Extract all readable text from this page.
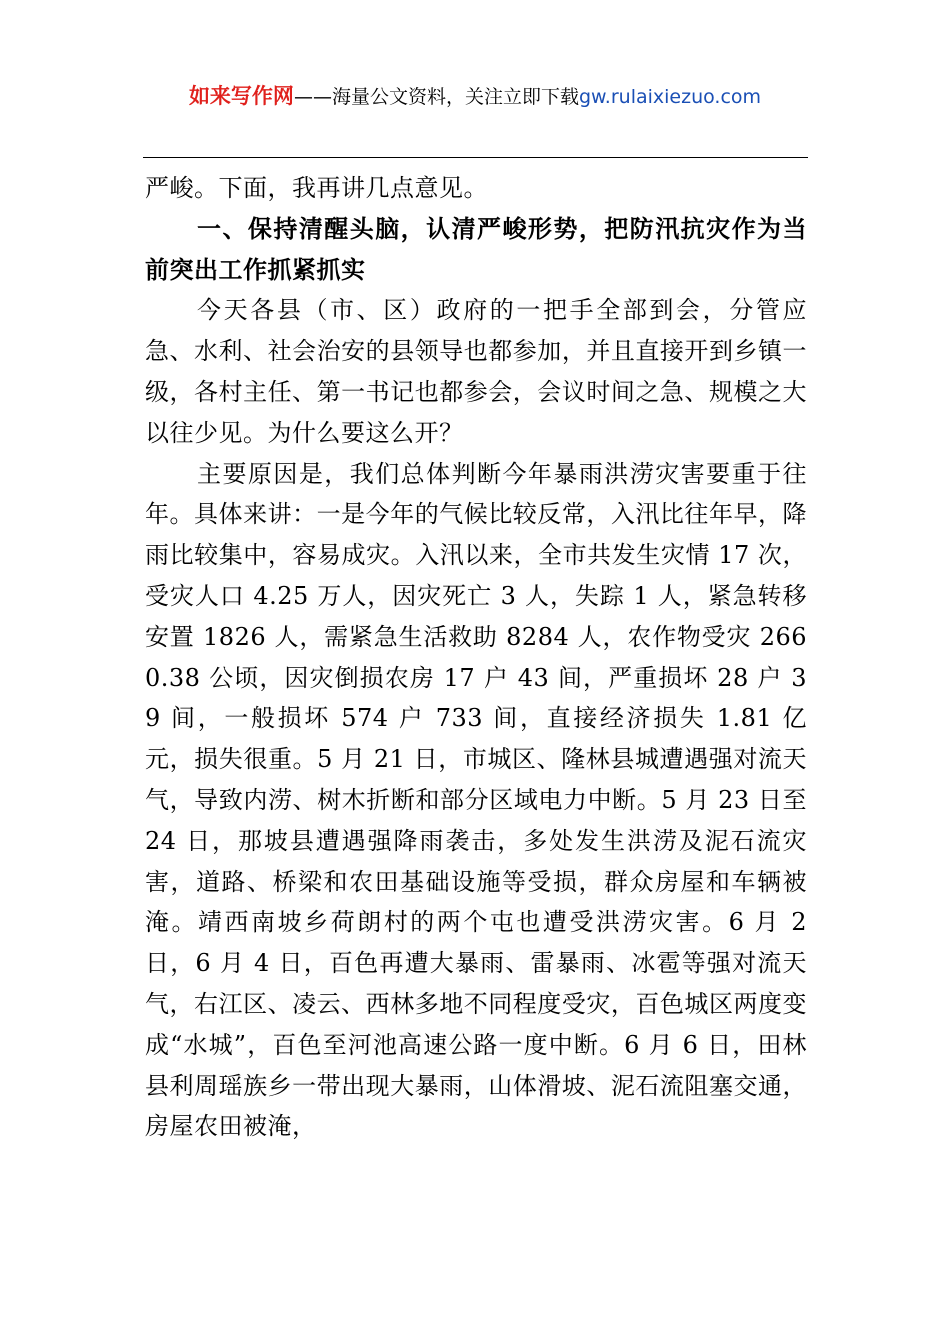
如来写作网——海量公文资料，关注立即下载gw.rulaixiezuo.com

严峻。下面，我再讲几点意见。

一、保持清醒头脑，认清严峻形势，把防汛抗灾作为当前突出工作抓紧抓实

今天各县（市、区）政府的一把手全部到会，分管应急、水利、社会治安的县领导也都参加，并且直接开到乡镇一级，各村主任、第一书记也都参会，会议时间之急、规模之大以往少见。为什么要这么开？

主要原因是，我们总体判断今年暴雨洪涝灾害要重于往年。具体来讲：一是今年的气候比较反常，入汛比往年早，降雨比较集中，容易成灾。入汛以来，全市共发生灾情 17 次，受灾人口 4.25 万人，因灾死亡 3 人，失踪 1 人，紧急转移安置 1826 人，需紧急生活救助 8284 人，农作物受灾 2660.38 公顷，因灾倒损农房 17 户 43 间，严重损坏 28 户 39 间，一般损坏 574 户 733 间，直接经济损失 1.81 亿元，损失很重。5 月 21 日，市城区、隆林县城遭遇强对流天气，导致内涝、树木折断和部分区域电力中断。5 月 23 日至 24 日，那坡县遭遇强降雨袭击，多处发生洪涝及泥石流灾害，道路、桥梁和农田基础设施等受损，群众房屋和车辆被淹。靖西南坡乡荷朗村的两个屯也遭受洪涝灾害。6 月 2 日，6 月 4 日，百色再遭大暴雨、雷暴雨、冰雹等强对流天气，右江区、凌云、西林多地不同程度受灾，百色城区两度变成“水城”，百色至河池高速公路一度中断。6 月 6 日，田林县利周瑶族乡一带出现大暴雨，山体滑坡、泥石流阻塞交通，房屋农田被淹，
